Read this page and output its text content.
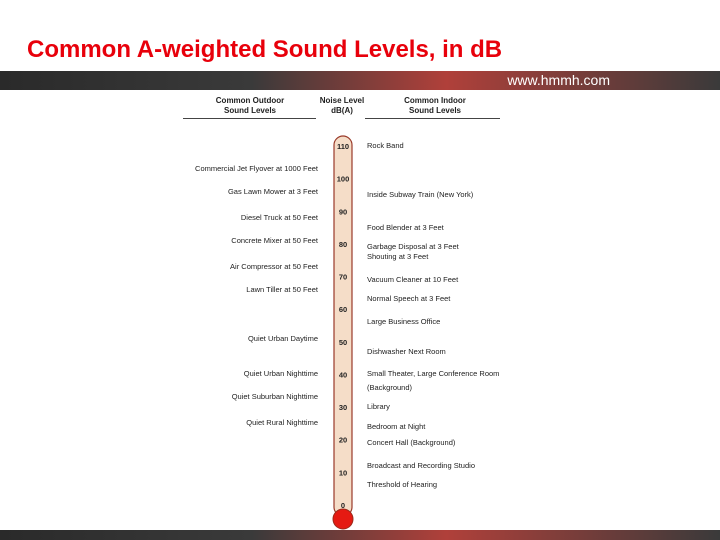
Common A-weighted Sound Levels, in dB
www.hmmh.com
Common Outdoor
Sound Levels
Noise Level
dB(A)
Common Indoor
Sound Levels
0
10
20
30
40
50
60
70
80
90
100
110
Commercial Jet Flyover at 1000 Feet
Gas Lawn Mower at 3 Feet
Diesel Truck at 50 Feet
Concrete Mixer at 50 Feet
Air Compressor at 50 Feet
Lawn Tiller at 50 Feet
Quiet Urban Daytime
Quiet Urban Nighttime
Quiet Suburban Nighttime
Quiet Rural Nighttime
Rock Band
Inside Subway Train (New York)
Food Blender at 3 Feet
Garbage Disposal at 3 Feet
Shouting at 3 Feet
Vacuum Cleaner at 10 Feet
Normal Speech at 3 Feet
Large Business Office
Dishwasher Next Room
Small Theater, Large Conference Room
(Background)
Library
Bedroom at Night
Concert Hall (Background)
Broadcast and Recording Studio
Threshold of Hearing
